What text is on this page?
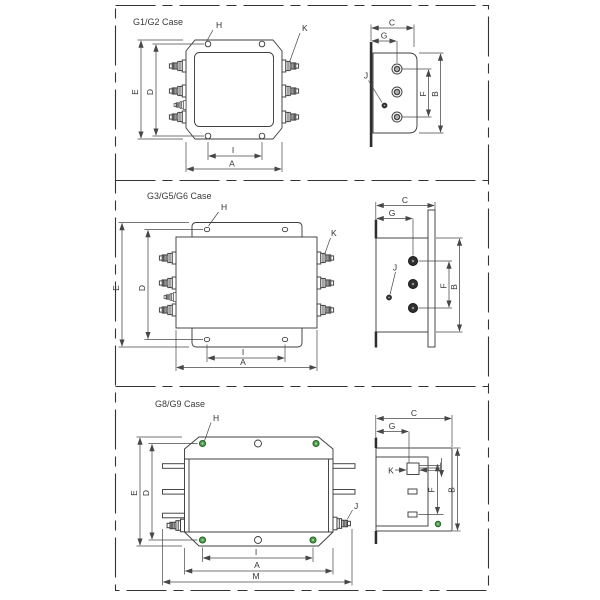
G1/G2 Case	H	K
E D
I
A
J
C
G
F B
G3/G5/G6 Case
H
K
E D
I
A
J
C
G
F B
G8/G9 Case
H
J
E D
I
A
M
K
C
G
F B
